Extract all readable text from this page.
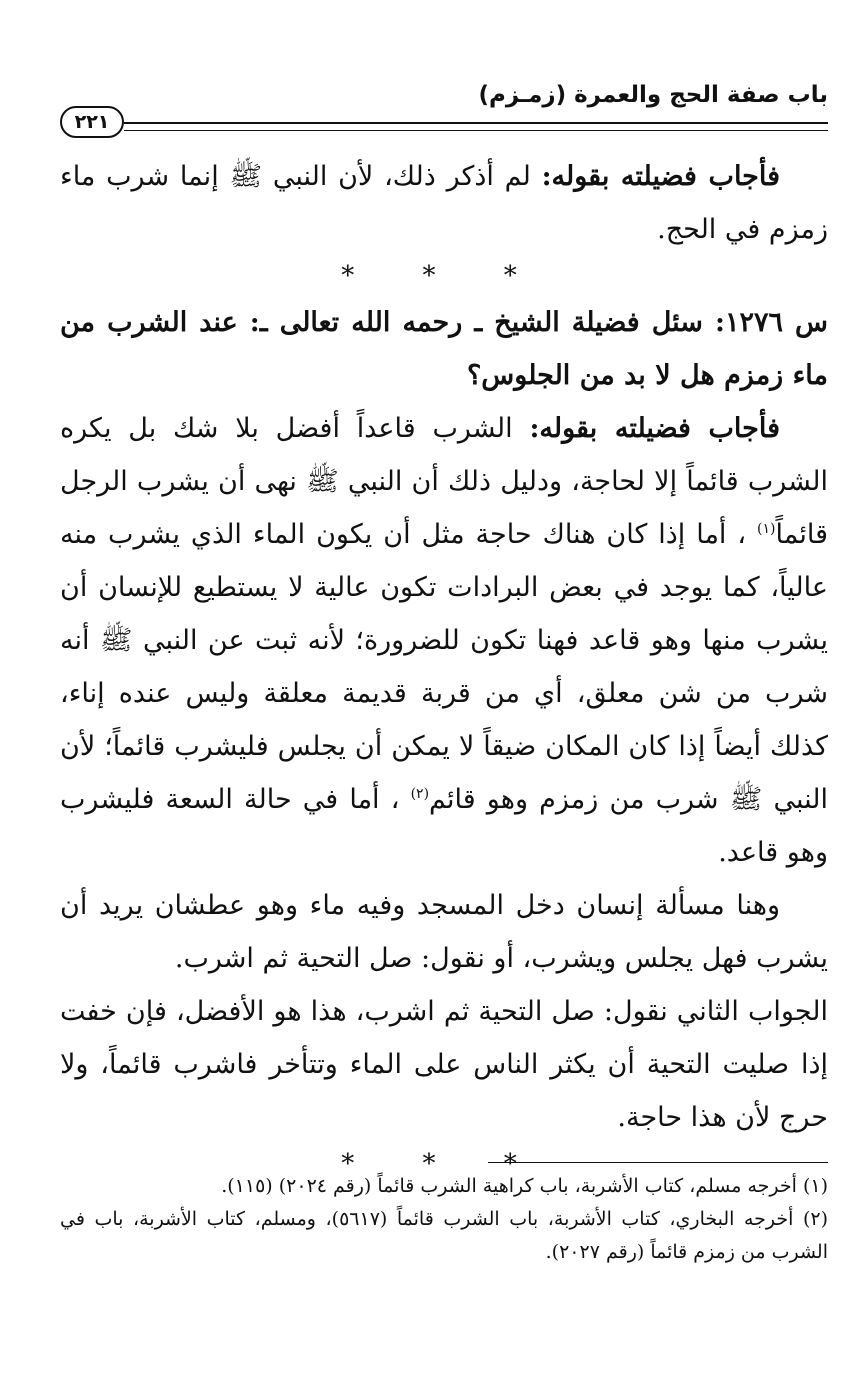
باب صفة الحج والعمرة (زمـزم)
٢٢١

فأجاب فضيلته بقوله: لم أذكر ذلك، لأن النبي ﷺ إنما شرب ماء زمزم في الحج.

* * *

س ١٢٧٦: سئل فضيلة الشيخ ـ رحمه الله تعالى ـ: عند الشرب من ماء زمزم هل لا بد من الجلوس؟

فأجاب فضيلته بقوله: الشرب قاعداً أفضل بلا شك بل يكره الشرب قائماً إلا لحاجة، ودليل ذلك أن النبي ﷺ نهى أن يشرب الرجل قائماً$^{(١)}$ ، أما إذا كان هناك حاجة مثل أن يكون الماء الذي يشرب منه عالياً، كما يوجد في بعض البرادات تكون عالية لا يستطيع للإنسان أن يشرب منها وهو قاعد فهنا تكون للضرورة؛ لأنه ثبت عن النبي ﷺ أنه شرب من شن معلق، أي من قربة قديمة معلقة وليس عنده إناء، كذلك أيضاً إذا كان المكان ضيقاً لا يمكن أن يجلس فليشرب قائماً؛ لأن النبي ﷺ شرب من زمزم وهو قائم$^{(٢)}$ ، أما في حالة السعة فليشرب وهو قاعد.

وهنا مسألة إنسان دخل المسجد وفيه ماء وهو عطشان يريد أن يشرب فهل يجلس ويشرب، أو نقول: صل التحية ثم اشرب.

الجواب الثاني نقول: صل التحية ثم اشرب، هذا هو الأفضل، فإن خفت إذا صليت التحية أن يكثر الناس على الماء وتتأخر فاشرب قائماً، ولا حرج لأن هذا حاجة.

* * *

(١) أخرجه مسلم، كتاب الأشربة، باب كراهية الشرب قائماً (رقم ٢٠٢٤) (١١٥).

(٢) أخرجه البخاري، كتاب الأشربة، باب الشرب قائماً (٥٦١٧)، ومسلم، كتاب الأشربة، باب في الشرب من زمزم قائماً (رقم ٢٠٢٧).
